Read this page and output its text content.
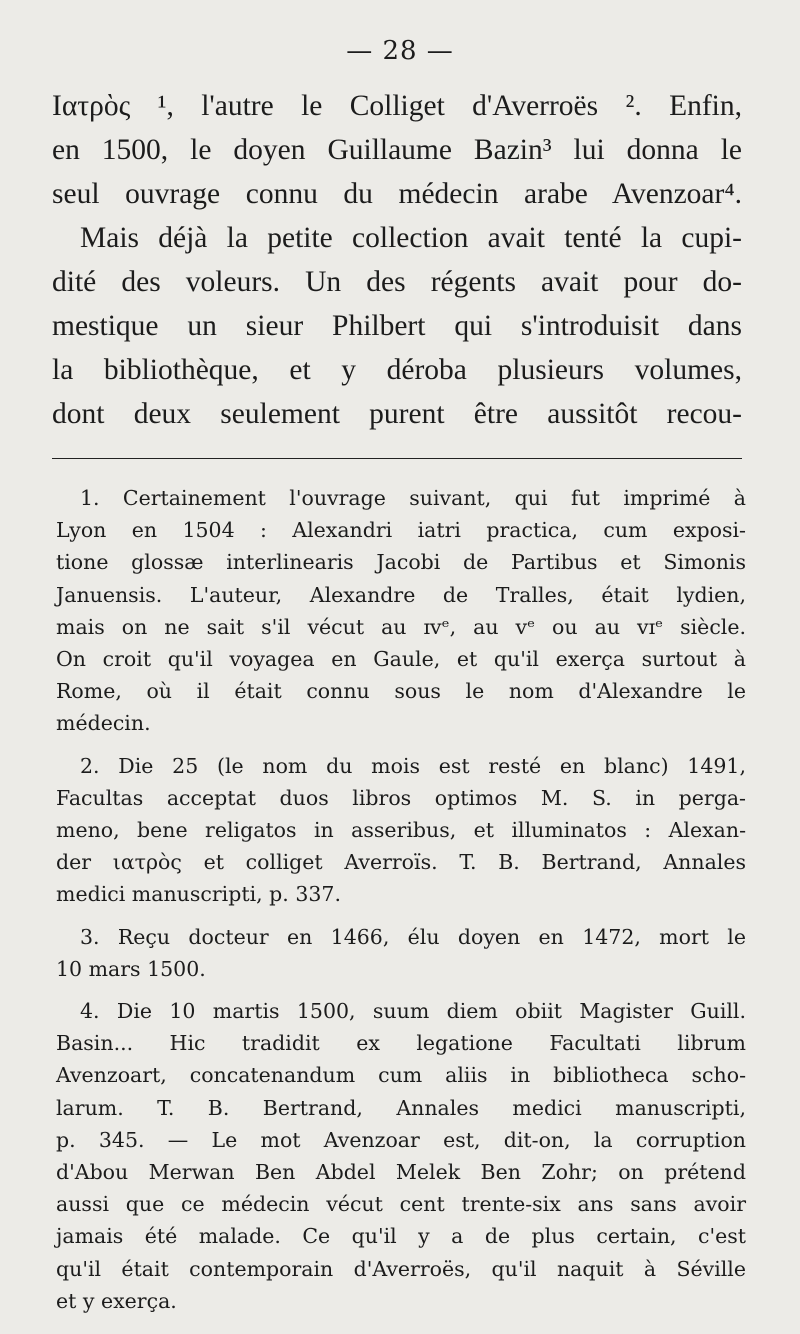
— 28 —
Ιατρὸς ¹, l'autre le Colliget d'Averroës ². Enfin,
en 1500, le doyen Guillaume Bazin³ lui donna le
seul ouvrage connu du médecin arabe Avenzoar⁴.
Mais déjà la petite collection avait tenté la cupi-
dité des voleurs. Un des régents avait pour do-
mestique un sieur Philbert qui s'introduisit dans
la bibliothèque, et y déroba plusieurs volumes,
dont deux seulement purent être aussitôt recou-
1. Certainement l'ouvrage suivant, qui fut imprimé à
Lyon en 1504 : Alexandri iatri practica, cum exposi-
tione glossæ interlinearis Jacobi de Partibus et Simonis
Januensis. L'auteur, Alexandre de Tralles, était lydien,
mais on ne sait s'il vécut au ɪᴠᵉ, au ᴠᵉ ou au ᴠɪᵉ siècle.
On croit qu'il voyagea en Gaule, et qu'il exerça surtout à
Rome, où il était connu sous le nom d'Alexandre le
médecin.
2. Die 25 (le nom du mois est resté en blanc) 1491,
Facultas acceptat duos libros optimos M. S. in perga-
meno, bene religatos in asseribus, et illuminatos : Alexan-
der ιατρὸς et colliget Averroïs. T. B. Bertrand, Annales
medici manuscripti, p. 337.
3. Reçu docteur en 1466, élu doyen en 1472, mort le
10 mars 1500.
4. Die 10 martis 1500, suum diem obiit Magister Guill.
Basin... Hic tradidit ex legatione Facultati librum
Avenzoart, concatenandum cum aliis in bibliotheca scho-
larum. T. B. Bertrand, Annales medici manuscripti,
p. 345. — Le mot Avenzoar est, dit-on, la corruption
d'Abou Merwan Ben Abdel Melek Ben Zohr; on prétend
aussi que ce médecin vécut cent trente-six ans sans avoir
jamais été malade. Ce qu'il y a de plus certain, c'est
qu'il était contemporain d'Averroës, qu'il naquit à Séville
et y exerça.
